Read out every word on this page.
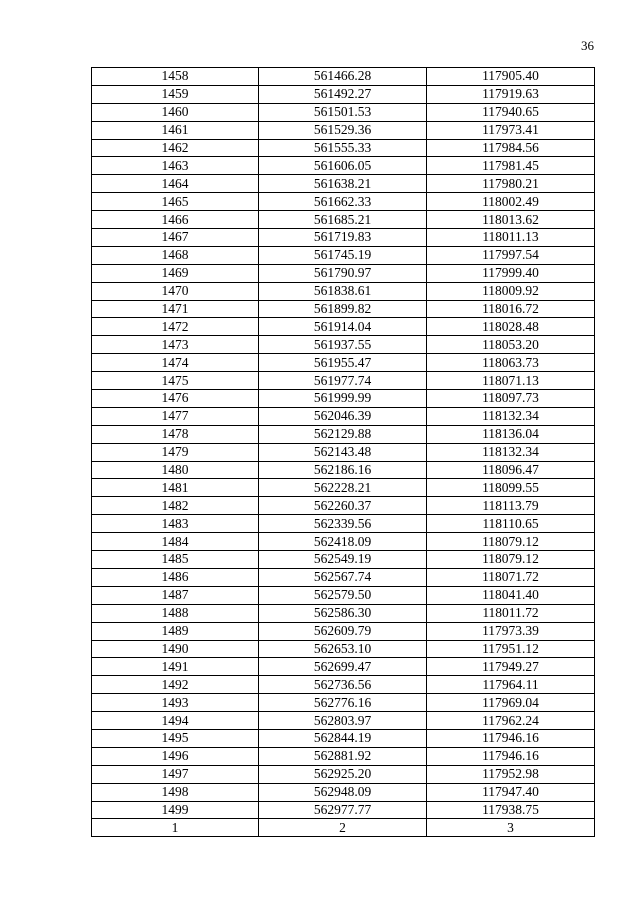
36
1458	561466.28	117905.40
1459	561492.27	117919.63
1460	561501.53	117940.65
1461	561529.36	117973.41
1462	561555.33	117984.56
1463	561606.05	117981.45
1464	561638.21	117980.21
1465	561662.33	118002.49
1466	561685.21	118013.62
1467	561719.83	118011.13
1468	561745.19	117997.54
1469	561790.97	117999.40
1470	561838.61	118009.92
1471	561899.82	118016.72
1472	561914.04	118028.48
1473	561937.55	118053.20
1474	561955.47	118063.73
1475	561977.74	118071.13
1476	561999.99	118097.73
1477	562046.39	118132.34
1478	562129.88	118136.04
1479	562143.48	118132.34
1480	562186.16	118096.47
1481	562228.21	118099.55
1482	562260.37	118113.79
1483	562339.56	118110.65
1484	562418.09	118079.12
1485	562549.19	118079.12
1486	562567.74	118071.72
1487	562579.50	118041.40
1488	562586.30	118011.72
1489	562609.79	117973.39
1490	562653.10	117951.12
1491	562699.47	117949.27
1492	562736.56	117964.11
1493	562776.16	117969.04
1494	562803.97	117962.24
1495	562844.19	117946.16
1496	562881.92	117946.16
1497	562925.20	117952.98
1498	562948.09	117947.40
1499	562977.77	117938.75
1	2	3
